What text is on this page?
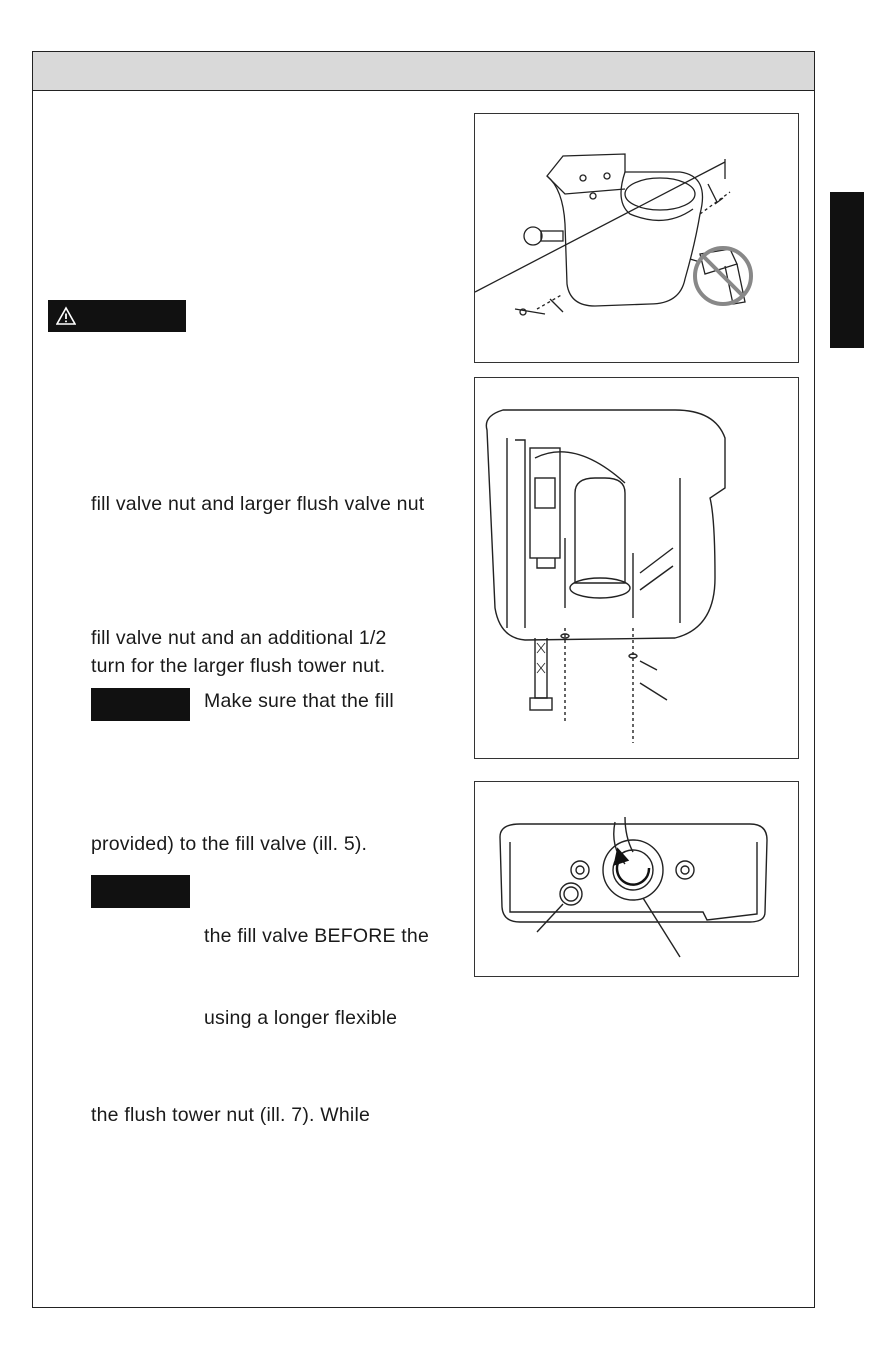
fill valve nut and larger flush valve nut
fill valve nut and an additional 1/2
turn for the larger flush tower nut.
Make sure that the fill
provided) to the fill valve (ill. 5).
the fill valve BEFORE the
using a longer flexible
the flush tower nut (ill. 7). While
